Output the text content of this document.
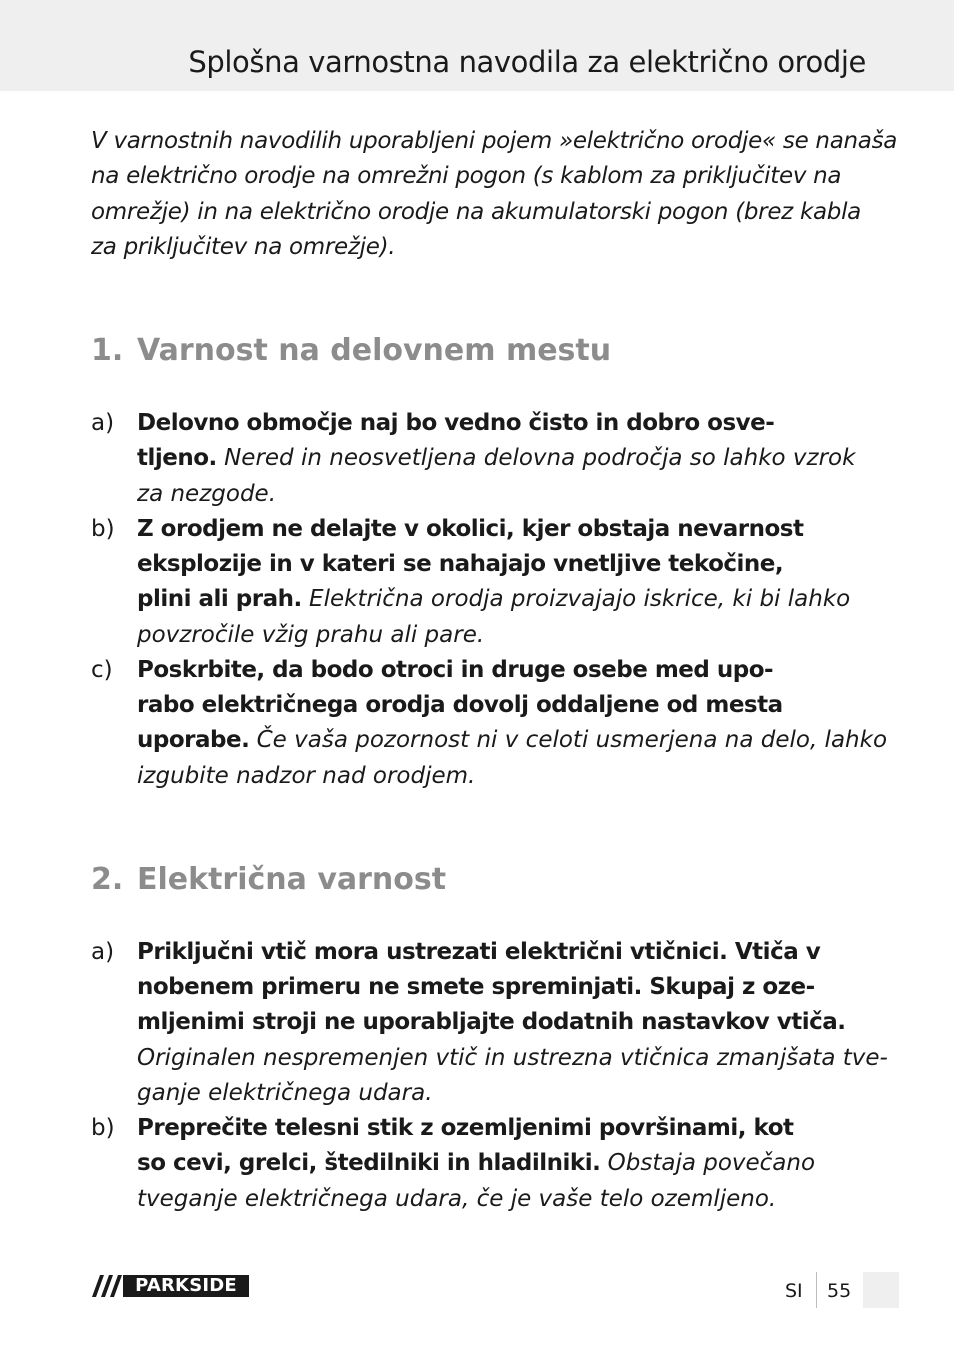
Splošna varnostna navodila za električno orodje
V varnostnih navodilih uporabljeni pojem »električno orodje« se nanaša
na električno orodje na omrežni pogon (s kablom za priključitev na
omrežje) in na električno orodje na akumulatorski pogon (brez kabla
za priključitev na omrežje).
1. Varnost na delovnem mestu
a) Delovno območje naj bo vedno čisto in dobro osve-
tljeno. Nered in neosvetljena delovna področja so lahko vzrok
za nezgode.
b) Z orodjem ne delajte v okolici, kjer obstaja nevarnost
eksplozije in v kateri se nahajajo vnetljive tekočine,
plini ali prah. Električna orodja proizvajajo iskrice, ki bi lahko
povzročile vžig prahu ali pare.
c) Poskrbite, da bodo otroci in druge osebe med upo-
rabo električnega orodja dovolj oddaljene od mesta
uporabe. Če vaša pozornost ni v celoti usmerjena na delo, lahko
izgubite nadzor nad orodjem.
2. Električna varnost
a) Priključni vtič mora ustrezati električni vtičnici. Vtiča v
nobenem primeru ne smete spreminjati. Skupaj z oze-
mljenimi stroji ne uporabljajte dodatnih nastavkov vtiča.
Originalen nespremenjen vtič in ustrezna vtičnica zmanjšata tve-
ganje električnega udara.
b) Preprečite telesni stik z ozemljenimi površinami, kot
so cevi, grelci, štedilniki in hladilniki. Obstaja povečano
tveganje električnega udara, če je vaše telo ozemljeno.
PARKSIDE	SI 55
